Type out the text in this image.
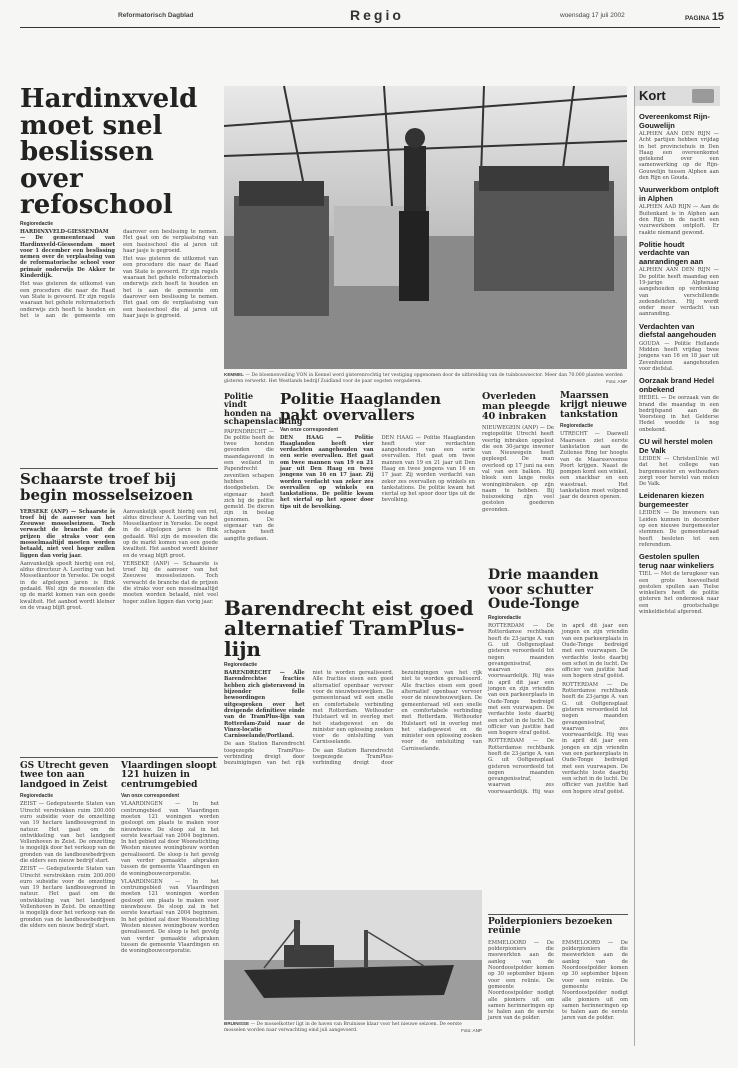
Reformatorisch Dagblad	Regio	woensdag 17 juli 2002	PAGINA 15
Hardinxveld moet snel beslissen over refoschool
Regioredactie

HARDINXVELD-GIESSENDAM — De gemeenteraad van Hardinxveld-Giessendam moet voor 1 december een beslissing nemen over de verplaatsing van de reformatorische school voor primair onderwijs De Akker te Kinderdijk.

Het was gisteren de uitkomst van een procedure die naar de Raad van State is gevoerd. Er zijn regels waaraan het gehele reformatorisch onderwijs zich heeft te houden en het is aan de gemeente om daarover een beslissing te nemen. Het gaat om de verplaatsing van een basisschool die al jaren uit haar jasje is gegroeid.

Het was gisteren de uitkomst van een procedure die naar de Raad van State is gevoerd. Er zijn regels waaraan het gehele reformatorisch onderwijs zich heeft te houden en het is aan de gemeente om daarover een beslissing te nemen. Het gaat om de verplaatsing van een basisschool die al jaren uit haar jasje is gegroeid.

Schaarste troef bij begin mosselseizoen

YERSEKE (ANP) — Schaarste is troef bij de aanvoer van het Zeeuwse mosselseizoen. Toch verwacht de branche dat de prijzen die straks voor een mosselmaaltijd moeten worden betaald, niet veel hoger zullen liggen dan vorig jaar.

Aanvankelijk speelt hierbij een rol, aldus directeur A. Leerling van het Mosselkantoor in Yerseke. De oogst in de afgelopen jaren is flink gedaald. Wel zijn de mosselen die op de markt komen van een goede kwaliteit. Het aanbod wordt kleiner en de vraag blijft groot.

Aanvankelijk speelt hierbij een rol, aldus directeur A. Leerling van het Mosselkantoor in Yerseke. De oogst in de afgelopen jaren is flink gedaald. Wel zijn de mosselen die op de markt komen van een goede kwaliteit. Het aanbod wordt kleiner en de vraag blijft groot.

YERSEKE (ANP) — Schaarste is troef bij de aanvoer van het Zeeuwse mosselseizoen. Toch verwacht de branche dat de prijzen die straks voor een mosselmaaltijd moeten worden betaald, niet veel hoger zullen liggen dan vorig jaar.

GS Utrecht geven twee ton aan landgoed in Zeist
Regioredactie

ZEIST — Gedeputeerde Staten van Utrecht verstrekken ruim 200.000 euro subsidie voor de omzetting van 19 hectare landbouwgrond in natuur. Het gaat om de ontwikkeling van het landgoed Vollenhoven in Zeist. De omzetting is mogelijk door het verkoop van de gronden van de landbouwbedrijven die elders een nieuw bedrijf start.

ZEIST — Gedeputeerde Staten van Utrecht verstrekken ruim 200.000 euro subsidie voor de omzetting van 19 hectare landbouwgrond in natuur. Het gaat om de ontwikkeling van het landgoed Vollenhoven in Zeist. De omzetting is mogelijk door het verkoop van de gronden van de landbouwbedrijven die elders een nieuw bedrijf start.

Vlaardingen sloopt 121 huizen in centrumgebied
Van onze correspondent

VLAARDINGEN — In het centrumgebied van Vlaardingen moeten 121 woningen worden gesloopt om plaats te maken voor nieuwbouw. De sloop zal in het eerste kwartaal van 2004 beginnen. In het gebied zal door Woonstichting Westen nieuwe woningbouw worden gerealiseerd. De sloop is het gevolg van verder gemaakte afspraken tussen de gemeente Vlaardingen en de woningbouwcorporatie.

VLAARDINGEN — In het centrumgebied van Vlaardingen moeten 121 woningen worden gesloopt om plaats te maken voor nieuwbouw. De sloop zal in het eerste kwartaal van 2004 beginnen. In het gebied zal door Woonstichting Westen nieuwe woningbouw worden gerealiseerd. De sloop is het gevolg van verder gemaakte afspraken tussen de gemeente Vlaardingen en de woningbouwcorporatie.

KEMMEL — De bloemenveiling VON in Kennel werd gisterenrochtig ter vestiging opgenomen door de uitbreiding van de tuinbouwsector. Meer dan 70.000 planten werden gisteren verwerkt. Het Westlands bedrijf Zuidland voor de paar oogsten vergaderen.	Foto: ANP
Politie vindt honden na schapenslachting

PAPENDRECHT — De politie heeft de twee honden gevonden die maandagavond in een weiland in Papendrecht zeventien schapen hebben doodgebeten. De eigenaar heeft zich bij de politie gemeld. De dieren zijn in beslag genomen. De eigenaar van de schapen heeft aangifte gedaan.

Politie Haaglanden pakt overvallers
Van onze correspondent

DEN HAAG — Politie Haaglanden heeft vier verdachten aangehouden van een serie overvallen. Het gaat om twee mannen van 19 en 21 jaar uit Den Haag en twee jongens van 16 en 17 jaar. Zij worden verdacht van zeker zes overvallen op winkels en tankstations. De politie kwam het viertal op het spoor door tips uit de bevolking.

DEN HAAG — Politie Haaglanden heeft vier verdachten aangehouden van een serie overvallen. Het gaat om twee mannen van 19 en 21 jaar uit Den Haag en twee jongens van 16 en 17 jaar. Zij worden verdacht van zeker zes overvallen op winkels en tankstations. De politie kwam het viertal op het spoor door tips uit de bevolking.

Overleden man pleegde 40 inbraken

NIEUWEGEIN (ANP) — De regiopolitie Utrecht heeft veertig inbraken opgelost die een 30-jarige inwoner van Nieuwegein heeft gepleegd. De man overleed op 17 juni na een val van een balkon. Hij bleek een lange reeks woninginbraken op zijn naam te hebben. Bij huiszoeking zijn veel gestolen goederen gevonden.

Maarssen krijgt nieuwe tankstation
Regioredactie

UTRECHT — Daewell Maarssen ziet eerste tankstation aan de Zuilense Ring ter hoogte van de Maarsseveense Poort krijgen. Naast de pompen komt een winkel, een snackbar en een wasstraat. Het tankstation moet volgend jaar de deuren openen.

Barendrecht eist goed alternatief TramPlus-lijn
Regioredactie

BARENDRECHT — Alle Barendrechtse fracties hebben zich gisteravond in bijzonder felle bewoordingen uitgesproken over het dreigende definitieve einde van de TramPlus-lijn van Rotterdam-Zuid naar de Vinex-locatie Carnisselande/Portland.

De aan Station Barendrecht toegezegde TramPlus-verbinding dreigt door bezuinigingen van het rijk niet te worden gerealiseerd. Alle fracties eisen een goed alternatief openbaar vervoer voor de nieuwbouwwijken. De gemeenteraad wil een snelle en comfortabele verbinding met Rotterdam. Wethouder Hulstaert wil in overleg met het stadsgewest en de minister een oplossing zoeken voor de ontsluiting van Carnisselande.

De aan Station Barendrecht toegezegde TramPlus-verbinding dreigt door bezuinigingen van het rijk niet te worden gerealiseerd. Alle fracties eisen een goed alternatief openbaar vervoer voor de nieuwbouwwijken. De gemeenteraad wil een snelle en comfortabele verbinding met Rotterdam. Wethouder Hulstaert wil in overleg met het stadsgewest en de minister een oplossing zoeken voor de ontsluiting van Carnisselande.

BRUINISSE — De mosselkotter ligt in de haven van Bruinisse klaar voor het nieuwe seizoen. De eerste mosselen worden naar verwachting eind juli aangevoerd.	Foto: ANP
Drie maanden voor schutter Oude-Tonge
Regioredactie

ROTTERDAM — De Rotterdamse rechtbank heeft de 23-jarige A. van G. uit Ooltgensplaat gisteren veroordeeld tot negen maanden gevangenisstraf, waarvan zes voorwaardelijk. Hij was in april dit jaar een jongen en zijn vriendin van een parkeerplaats in Oude-Tonge bedreigd met een vuurwapen. De verdachte loste daarbij een schot in de lucht. De officier van justitie had een hogere straf geëist.

ROTTERDAM — De Rotterdamse rechtbank heeft de 23-jarige A. van G. uit Ooltgensplaat gisteren veroordeeld tot negen maanden gevangenisstraf, waarvan zes voorwaardelijk. Hij was in april dit jaar een jongen en zijn vriendin van een parkeerplaats in Oude-Tonge bedreigd met een vuurwapen. De verdachte loste daarbij een schot in de lucht. De officier van justitie had een hogere straf geëist.

ROTTERDAM — De Rotterdamse rechtbank heeft de 23-jarige A. van G. uit Ooltgensplaat gisteren veroordeeld tot negen maanden gevangenisstraf, waarvan zes voorwaardelijk. Hij was in april dit jaar een jongen en zijn vriendin van een parkeerplaats in Oude-Tonge bedreigd met een vuurwapen. De verdachte loste daarbij een schot in de lucht. De officier van justitie had een hogere straf geëist.

Polderpioniers bezoeken reünie

EMMELOORD — De polderpioniers die meewerkten aan de aanleg van de Noordoostpolder komen op 30 september bijeen voor een reünie. De gemeente Noordoostpolder nodigt alle pioniers uit om samen herinneringen op te halen aan de eerste jaren van de polder.

EMMELOORD — De polderpioniers die meewerkten aan de aanleg van de Noordoostpolder komen op 30 september bijeen voor een reünie. De gemeente Noordoostpolder nodigt alle pioniers uit om samen herinneringen op te halen aan de eerste jaren van de polder.

Kort
Overeenkomst Rijn-Gouwelijn
ALPHEN AAN DEN RIJN — Acht partijen hebben vrijdag in het provinciehuis in Den Haag een overeenkomst getekend over een samenwerking op de Rijn-Gouwelijn tussen Alphen aan den Rijn en Gouda.
Vuurwerkbom ontploft in Alphen
ALPHEN AAD RIJN — Aan de Buitenkant is in Alphen aan den Rijn in de nacht een vuurwerkbom ontploft. Er raakte niemand gewond.
Politie houdt verdachte van aanrandingen aan
ALPHEN AAN DEN RIJN — De politie heeft maandag een 19-jarige Alphenaar aangehouden op verdenking van verschillende zedendelicten. Hij wordt onder meer verdacht van aanranding.
Verdachten van diefstal aangehouden
GOUDA — Politie Hollands Midden heeft vrijdag twee jongens van 16 en 18 jaar uit Zevenhuizen aangehouden voor diefstal.
Oorzaak brand Hedel onbekend
HEDEL — De oorzaak van de brand die maandag in een bedrijfspand aan de Voorsteeg in het Gelderse Hedel woedde is nog onbekend.
CU wil herstel molen De Valk
LEIDEN — ChristenUnie wil dat het college van burgemeester en wethouders zorgt voor herstel van molen De Valk.
Leidenaren kiezen burgemeester
LEIDEN — De inwoners van Leiden kunnen in december op een nieuwe burgemeester stemmen. De gemeenteraad heeft besloten tot een referendum.
Gestolen spullen terug naar winkeliers
TIEL — Met de terugkeer van een grote hoeveelheid gestolen spullen aan Tielse winkeliers heeft de politie gisteren het onderzoek naar een grootschalige winkeldiefstal afgerond.
